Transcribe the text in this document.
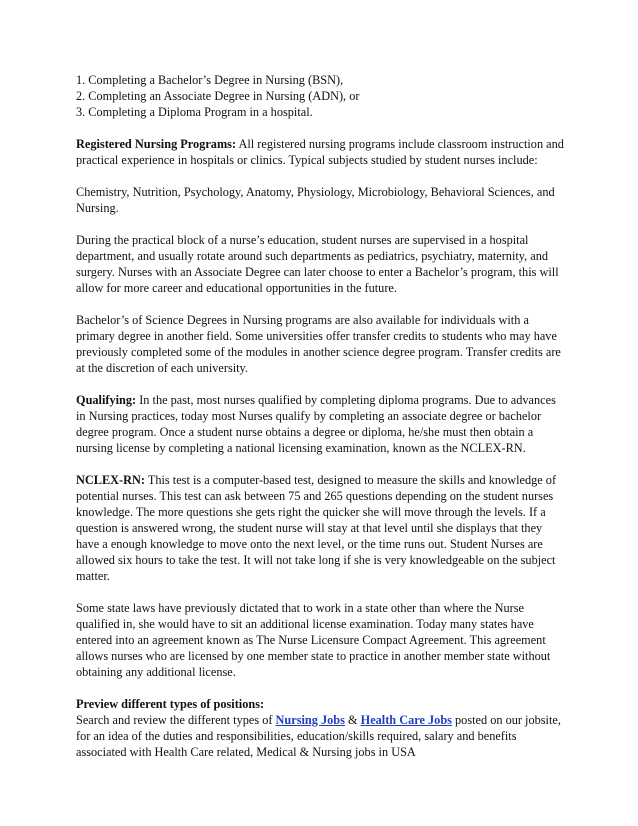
1. Completing a Bachelor’s Degree in Nursing (BSN),
2. Completing an Associate Degree in Nursing (ADN), or
3. Completing a Diploma Program in a hospital.

Registered Nursing Programs: All registered nursing programs include classroom instruction and practical experience in hospitals or clinics. Typical subjects studied by student nurses include:

Chemistry, Nutrition, Psychology, Anatomy, Physiology, Microbiology, Behavioral Sciences, and Nursing.

During the practical block of a nurse’s education, student nurses are supervised in a hospital department, and usually rotate around such departments as pediatrics, psychiatry, maternity, and surgery. Nurses with an Associate Degree can later choose to enter a Bachelor’s program, this will allow for more career and educational opportunities in the future.

Bachelor’s of Science Degrees in Nursing programs are also available for individuals with a primary degree in another field. Some universities offer transfer credits to students who may have previously completed some of the modules in another science degree program. Transfer credits are at the discretion of each university.

Qualifying: In the past, most nurses qualified by completing diploma programs. Due to advances in Nursing practices, today most Nurses qualify by completing an associate degree or bachelor degree program. Once a student nurse obtains a degree or diploma, he/she must then obtain a nursing license by completing a national licensing examination, known as the NCLEX-RN.

NCLEX-RN: This test is a computer-based test, designed to measure the skills and knowledge of potential nurses. This test can ask between 75 and 265 questions depending on the student nurses knowledge. The more questions she gets right the quicker she will move through the levels. If a question is answered wrong, the student nurse will stay at that level until she displays that they have a enough knowledge to move onto the next level, or the time runs out. Student Nurses are allowed six hours to take the test. It will not take long if she is very knowledgeable on the subject matter.

Some state laws have previously dictated that to work in a state other than where the Nurse qualified in, she would have to sit an additional license examination. Today many states have entered into an agreement known as The Nurse Licensure Compact Agreement. This agreement allows nurses who are licensed by one member state to practice in another member state without obtaining any additional license.

Preview different types of positions:
Search and review the different types of Nursing Jobs & Health Care Jobs posted on our jobsite, for an idea of the duties and responsibilities, education/skills required, salary and benefits associated with Health Care related, Medical & Nursing jobs in USA
